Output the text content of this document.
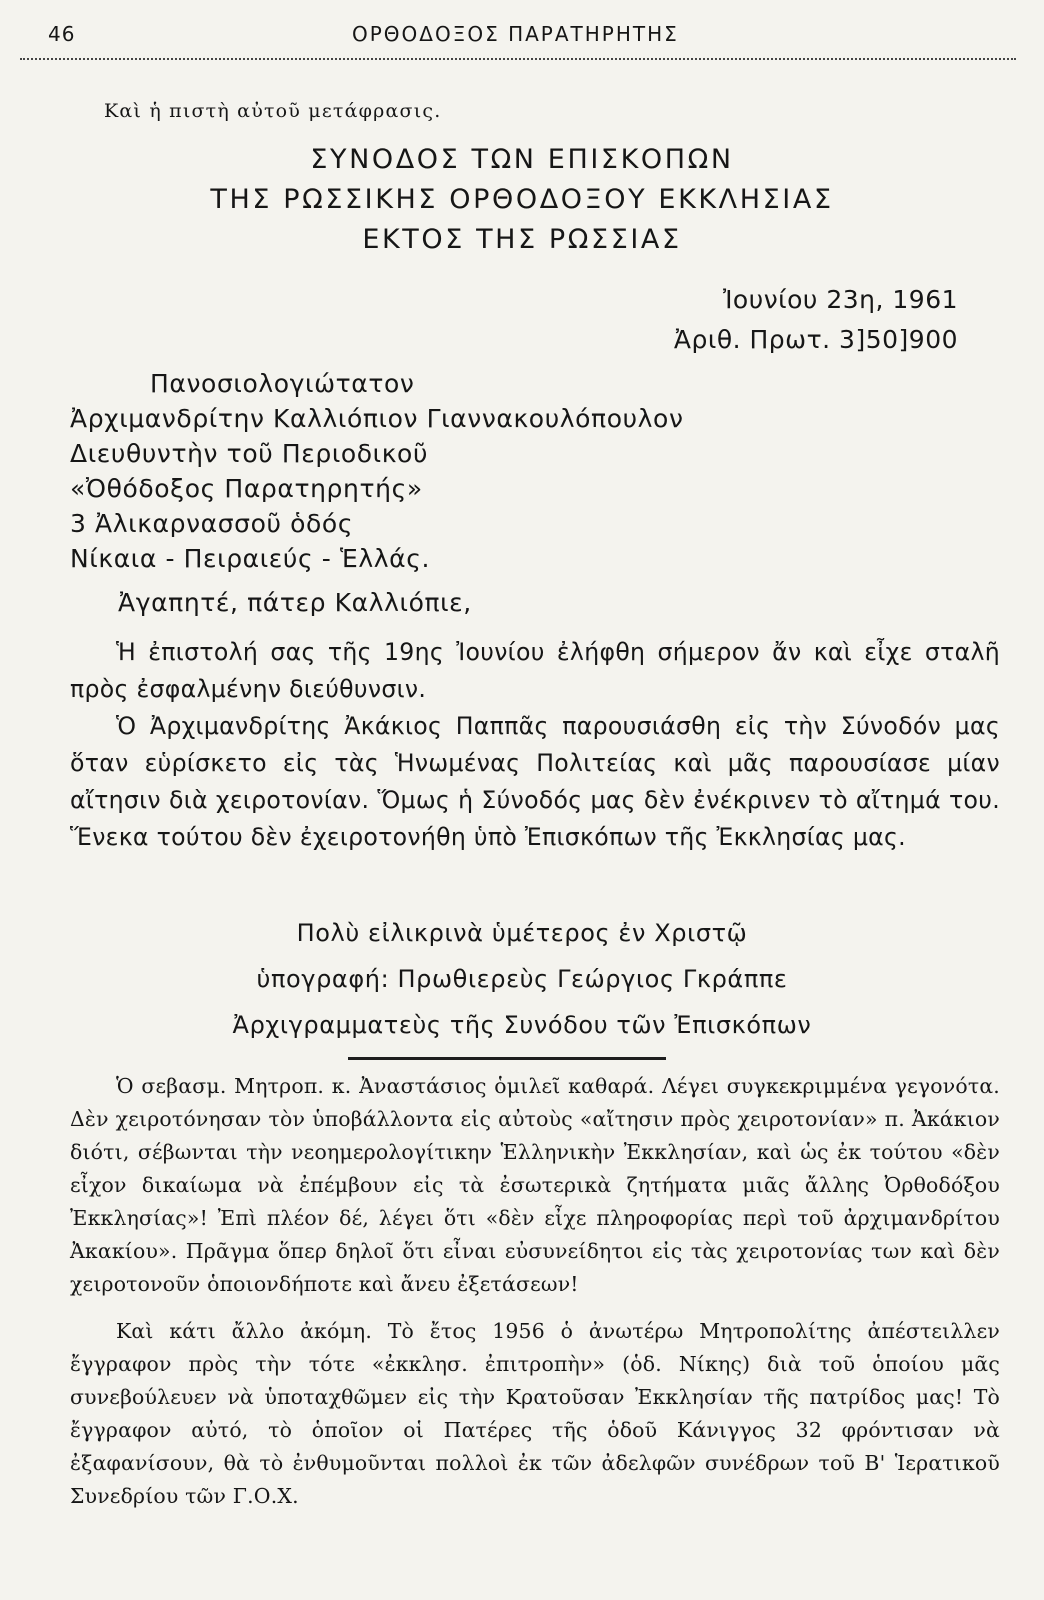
46	ΟΡΘΟΔΟΞΟΣ ΠΑΡΑΤΗΡΗΤΗΣ
Καὶ ἡ πιστὴ αὐτοῦ μετάφρασις.
ΣΥΝΟΔΟΣ ΤΩΝ ΕΠΙΣΚΟΠΩΝ
ΤΗΣ ΡΩΣΣΙΚΗΣ ΟΡΘΟΔΟΞΟΥ ΕΚΚΛΗΣΙΑΣ
ΕΚΤΟΣ ΤΗΣ ΡΩΣΣΙΑΣ
Ἰουνίου 23η, 1961
Ἀριθ. Πρωτ. 3]50]900
Πανοσιολογιώτατον
Ἀρχιμανδρίτην Καλλιόπιον Γιαννακουλόπουλον
Διευθυντὴν τοῦ Περιοδικοῦ
«Ὀθόδοξος Παρατηρητής»
3 Ἀλικαρνασσοῦ ὁδός
Νίκαια - Πειραιεύς - Ἑλλάς.
Ἀγαπητέ, πάτερ Καλλιόπιε,

Ἡ ἐπιστολή σας τῆς 19ης Ἰουνίου ἐλήφθη σήμερον ἄν καὶ εἶχε σταλῆ πρὸς ἐσφαλμένην διεύθυνσιν.

Ὁ Ἀρχιμανδρίτης Ἀκάκιος Παππᾶς παρουσιάσθη εἰς τὴν Σύνοδόν μας ὅταν εὑρίσκετο εἰς τὰς Ἡνωμένας Πολιτείας καὶ μᾶς παρουσίασε μίαν αἴτησιν διὰ χειροτονίαν. Ὅμως ἡ Σύνοδός μας δὲν ἐνέκρινεν τὸ αἴτημά του. Ἕνεκα τούτου δὲν ἐχειροτονήθη ὑπὸ Ἐπισκόπων τῆς Ἐκκλησίας μας.

Πολὺ εἰλικρινὰ ὑμέτερος ἐν Χριστῷ
ὑπογραφή: Πρωθιερεὺς Γεώργιος Γκράππε
Ἀρχιγραμματεὺς τῆς Συνόδου τῶν Ἐπισκόπων

Ὁ σεβασμ. Μητροπ. κ. Ἀναστάσιος ὁμιλεῖ καθαρά. Λέγει συγκεκριμμένα γεγονότα. Δὲν χειροτόνησαν τὸν ὑποβάλλοντα εἰς αὐτοὺς «αἴτησιν πρὸς χειροτονίαν» π. Ἀκάκιον διότι, σέβωνται τὴν νεοημερολογίτικην Ἑλληνικὴν Ἐκκλησίαν, καὶ ὡς ἐκ τούτου «δὲν εἶχον δικαίωμα νὰ ἐπέμβουν εἰς τὰ ἐσωτερικὰ ζητήματα μιᾶς ἄλλης Ὀρθοδόξου Ἐκκλησίας»! Ἐπὶ πλέον δέ, λέγει ὅτι «δὲν εἶχε πληροφορίας περὶ τοῦ ἀρχιμανδρίτου Ἀκακίου». Πρᾶγμα ὅπερ δηλοῖ ὅτι εἶναι εὐσυνείδητοι εἰς τὰς χειροτονίας των καὶ δὲν χειροτονοῦν ὁποιονδήποτε καὶ ἄνευ ἐξετάσεων!

Καὶ κάτι ἄλλο ἀκόμη. Τὸ ἔτος 1956 ὁ ἀνωτέρω Μητροπολίτης ἀπέστειλλεν ἔγγραφον πρὸς τὴν τότε «ἐκκλησ. ἐπιτροπὴν» (ὁδ. Νίκης) διὰ τοῦ ὁποίου μᾶς συνεβούλευεν νὰ ὑποταχθῶμεν εἰς τὴν Κρατοῦσαν Ἐκκλησίαν τῆς πατρίδος μας! Τὸ ἔγγραφον αὐτό, τὸ ὁποῖον οἱ Πατέρες τῆς ὁδοῦ Κάνιγγος 32 φρόντισαν νὰ ἐξαφανίσουν, θὰ τὸ ἐνθυμοῦνται πολλοὶ ἐκ τῶν ἀδελφῶν συνέδρων τοῦ Β' Ἱερατικοῦ Συνεδρίου τῶν Γ.Ο.Χ.
